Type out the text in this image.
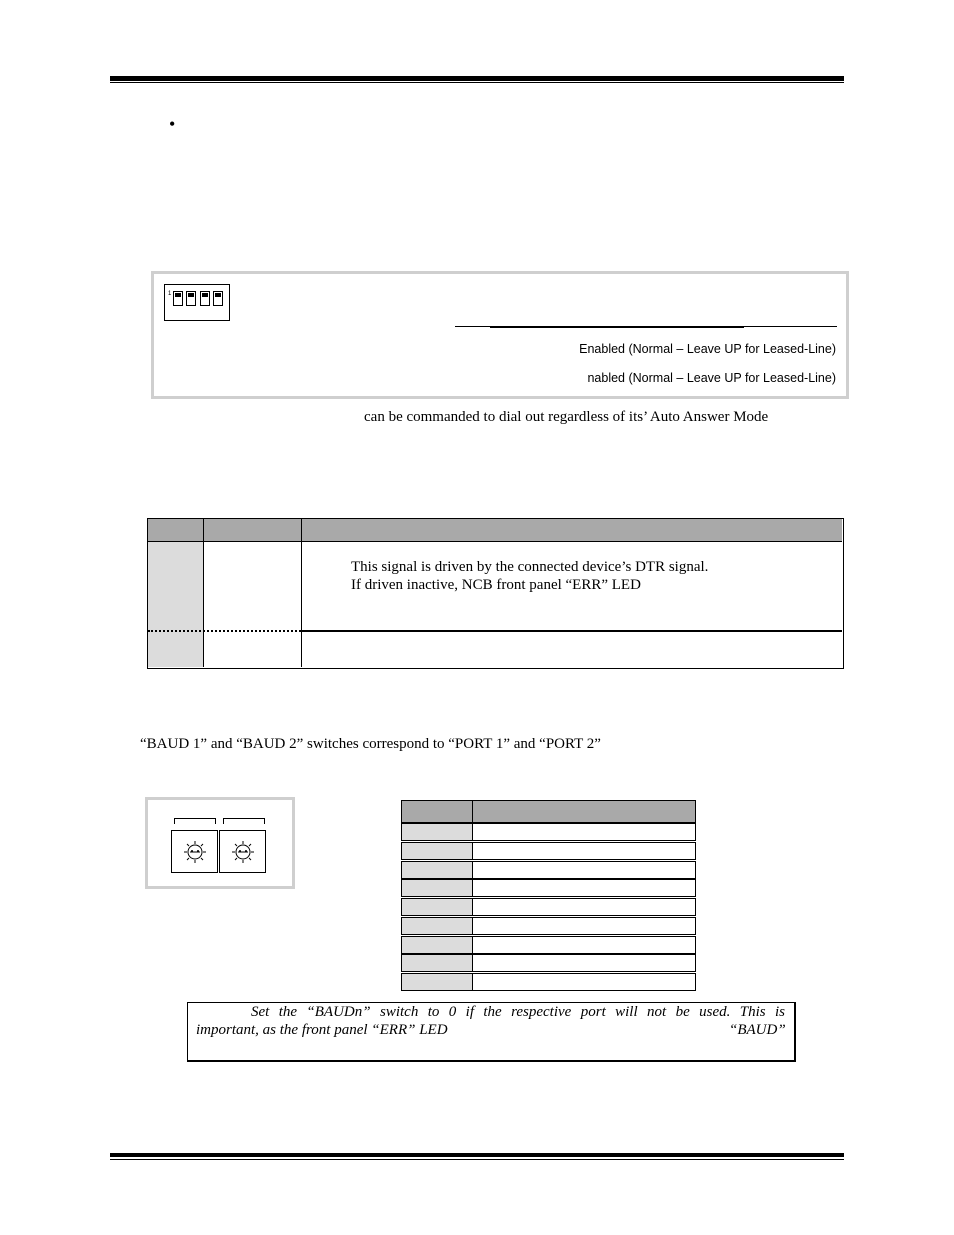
•
1
Enabled (Normal – Leave UP for Leased-Line)
nabled (Normal – Leave UP for Leased-Line)
can be commanded to dial out regardless of its’ Auto Answer Mode
This signal is driven by the connected device’s DTR signal.
If driven inactive, NCB front panel “ERR” LED
“BAUD 1” and “BAUD 2” switches correspond to “PORT 1” and “PORT 2”
Set the “BAUDn” switch to 0 if the respective port will not be used. This is
important, as the front panel “ERR” LED	“BAUD”
